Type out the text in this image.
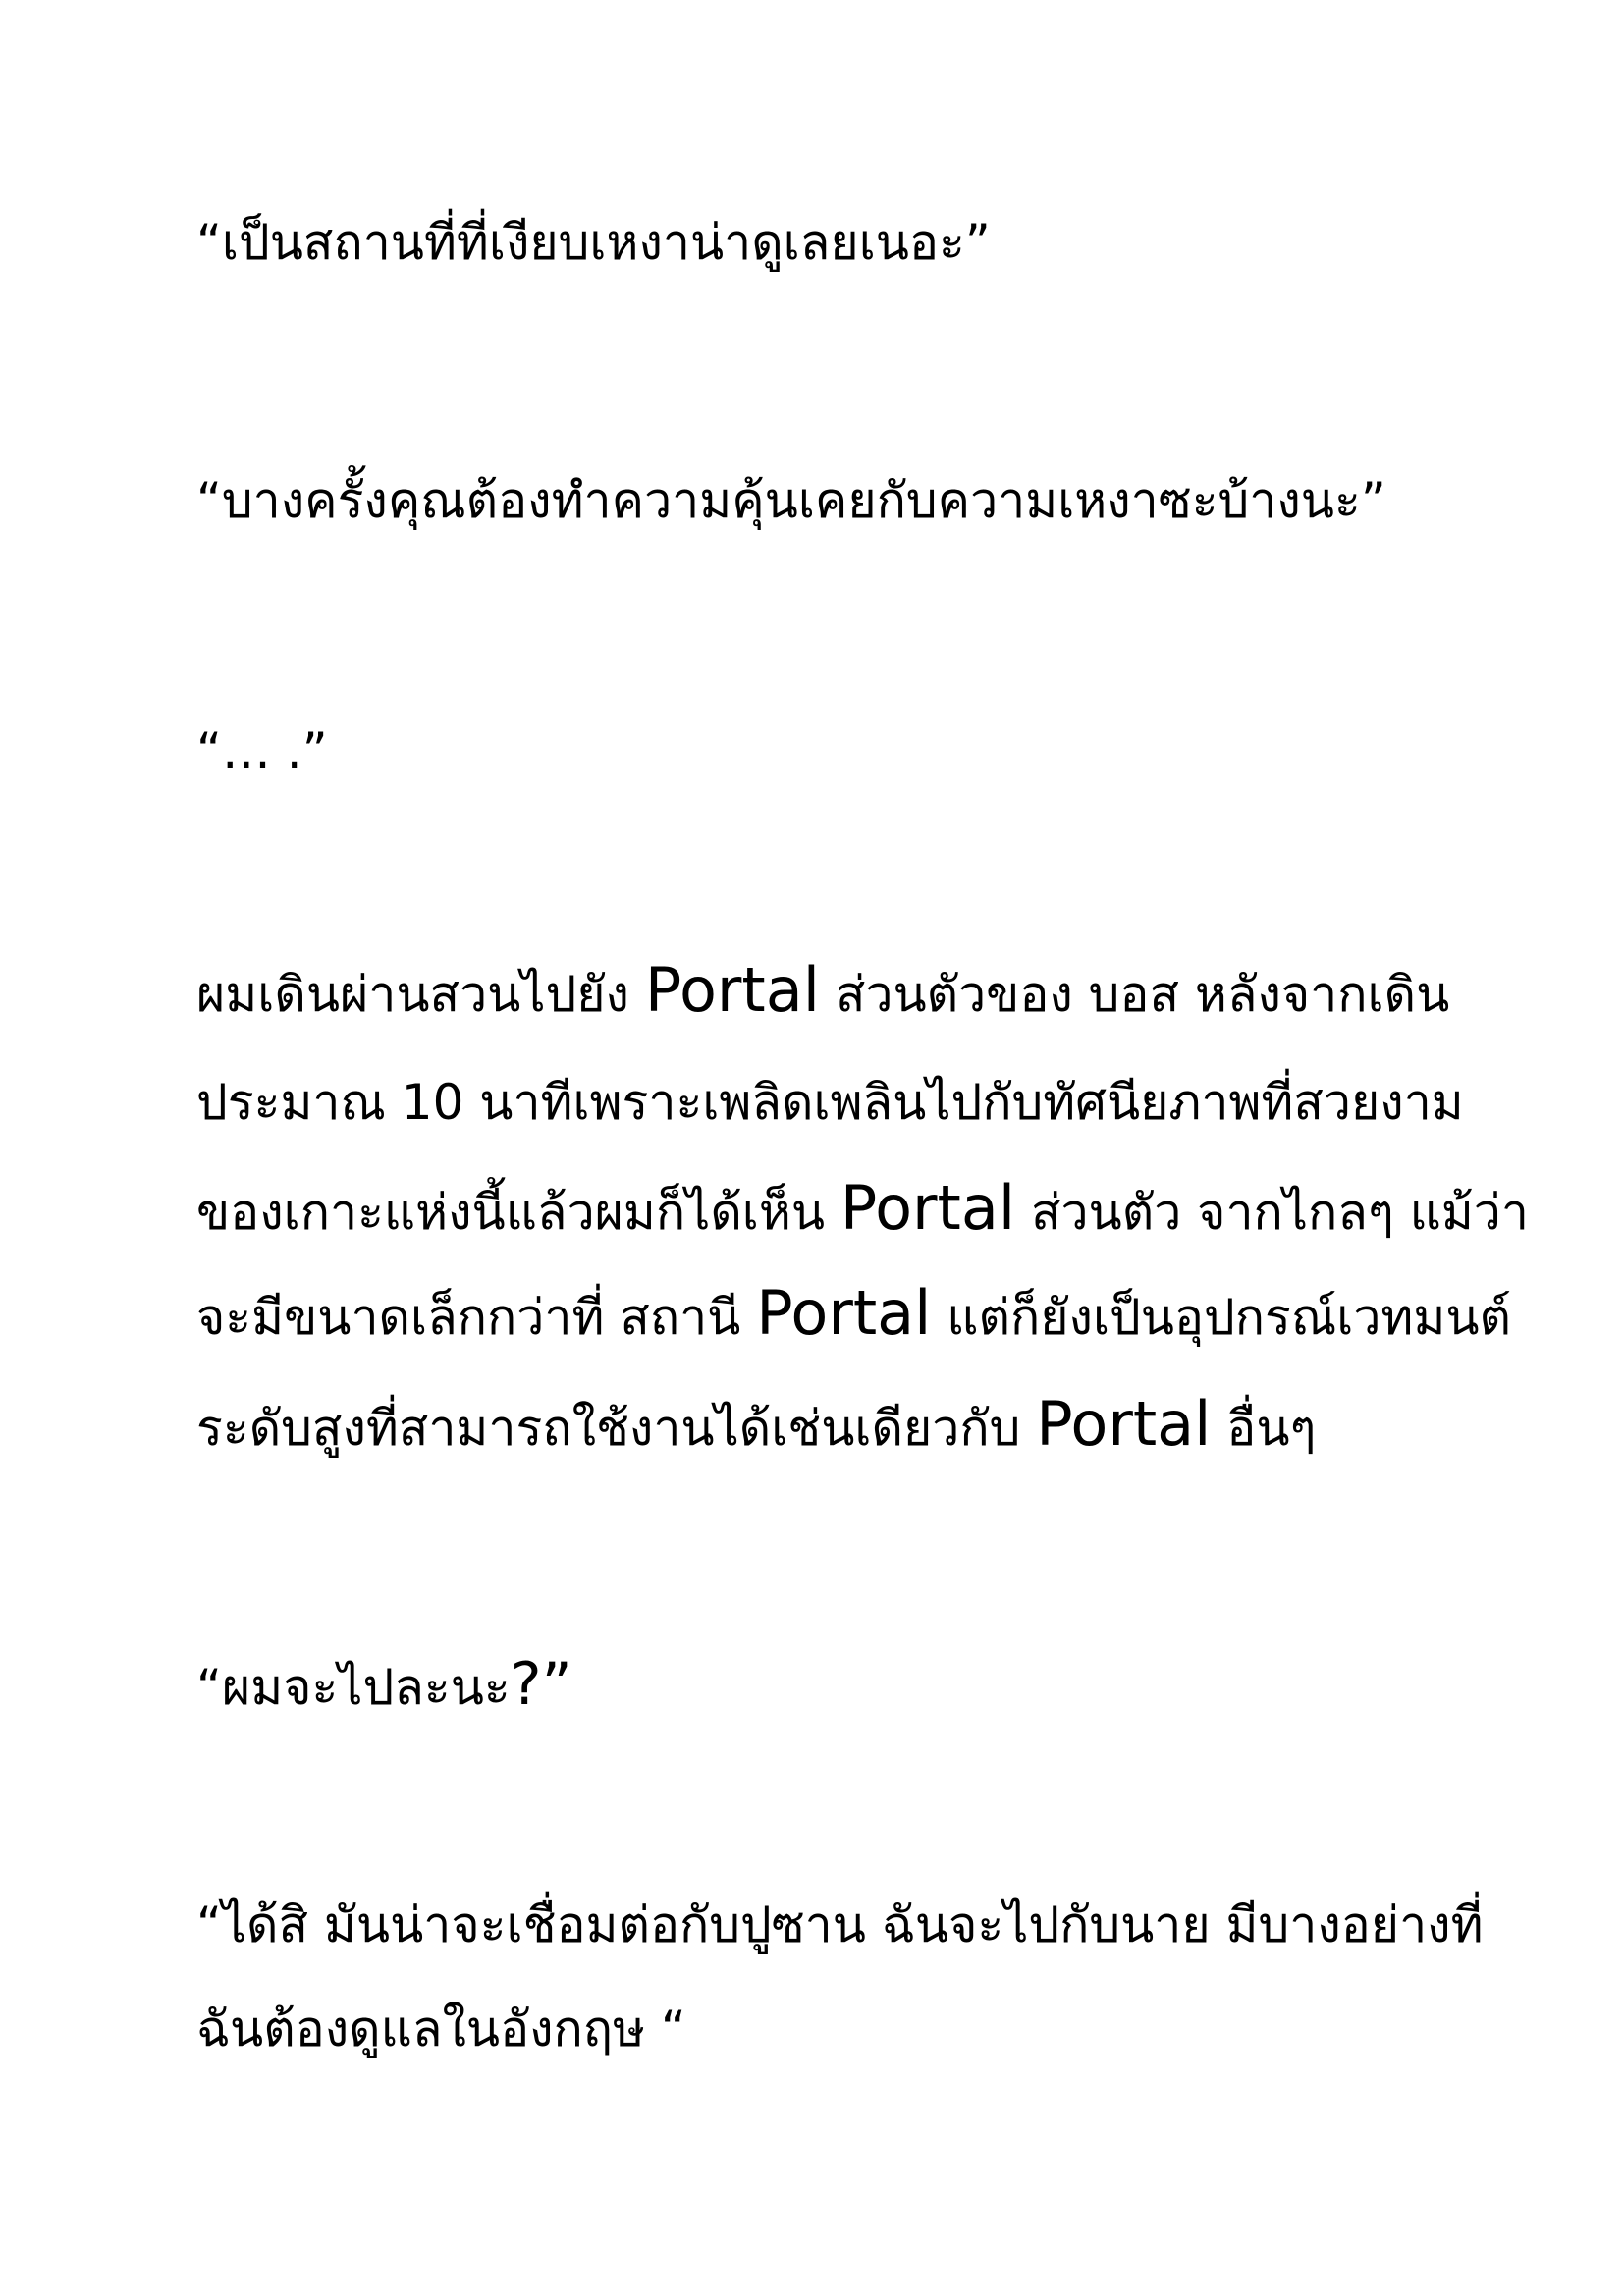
“เป็นสถานที่ที่เงียบเหงาน่าดูเลยเนอะ”

“บางครั้งคุณต้องทำความคุ้นเคยกับความเหงาซะบ้างนะ”

“… .”

ผมเดินผ่านสวนไปยัง Portal ส่วนตัวของ บอส หลังจากเดิน

ประมาณ 10 นาทีเพราะเพลิดเพลินไปกับทัศนียภาพที่สวยงาม

ของเกาะแห่งนี้แล้วผมก็ได้เห็น Portal ส่วนตัว จากไกลๆ แม้ว่า

จะมีขนาดเล็กกว่าที่ สถานี Portal แต่ก็ยังเป็นอุปกรณ์เวทมนต์

ระดับสูงที่สามารถใช้งานได้เช่นเดียวกับ Portal อื่นๆ

“ผมจะไปละนะ?”

“ได้สิ มันน่าจะเชื่อมต่อกับปูซาน ฉันจะไปกับนาย มีบางอย่างที่

ฉันต้องดูแลในอังกฤษ “
